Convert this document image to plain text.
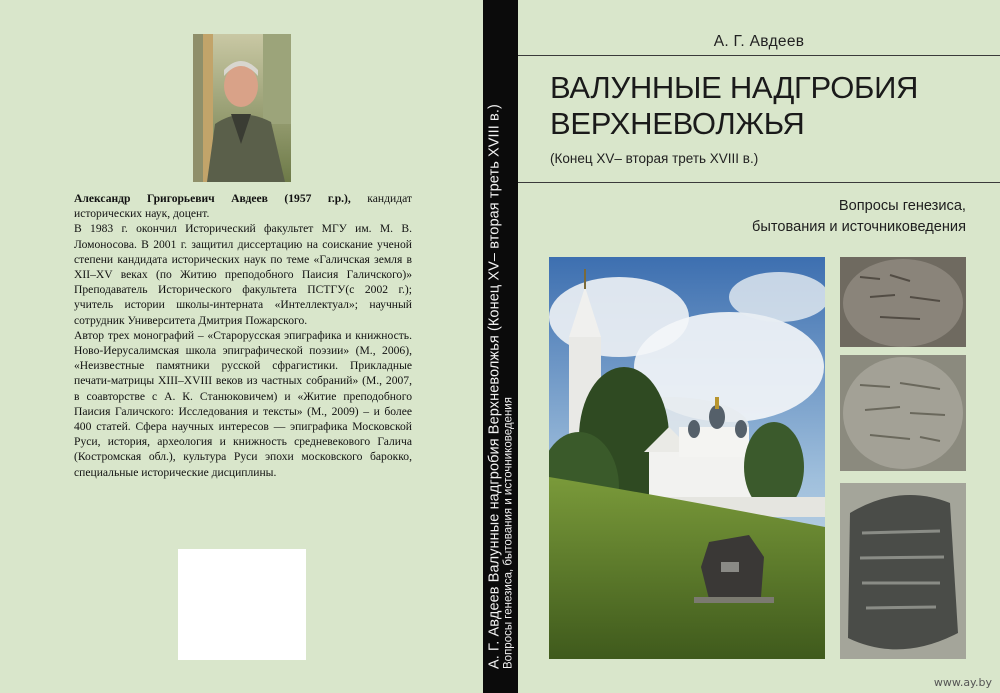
Александр Григорьевич Авдеев (1957 г.р.), кандидат исторических наук, доцент.

В 1983 г. окончил Исторический факультет МГУ им. М. В. Ломоносова. В 2001 г. защитил диссертацию на соискание ученой степени кандидата исторических наук по теме «Галичская земля в XII–XV веках (по Житию преподобного Паисия Галичского)» Преподаватель Исторического факультета ПСТГУ(с 2002 г.); учитель истории школы-интерната «Интеллектуал»; научный сотрудник Университета Дмитрия Пожарского.

Автор трех монографий – «Старорусская эпиграфика и книжность. Ново-Иерусалимская школа эпиграфической поэзии» (М., 2006), «Неизвестные памятники русской сфрагистики. Прикладные печати-матрицы XIII–XVIII веков из частных собраний» (М., 2007, в соавторстве с А. К. Станюковичем) и «Житие преподобного Паисия Галичского: Исследования и тексты» (М., 2009) – и более 400 статей. Сфера научных интересов — эпиграфика Московской Руси, история, археология и книжность средневекового Галича (Костромская обл.), культура Руси эпохи московского барокко, специальные исторические дисциплины.	А. Г. Авдеев Валунные надгробия Верхневолжья (Конец XV– вторая треть XVIII в.) Вопросы генезиса, бытования и источниковедения
А. Г. Авдеев
ВАЛУННЫЕ НАДГРОБИЯ
ВЕРХНЕВОЛЖЬЯ
(Конец XV– вторая треть XVIII в.)
Вопросы генезиса,
бытования и источниковедения
www.ay.by
